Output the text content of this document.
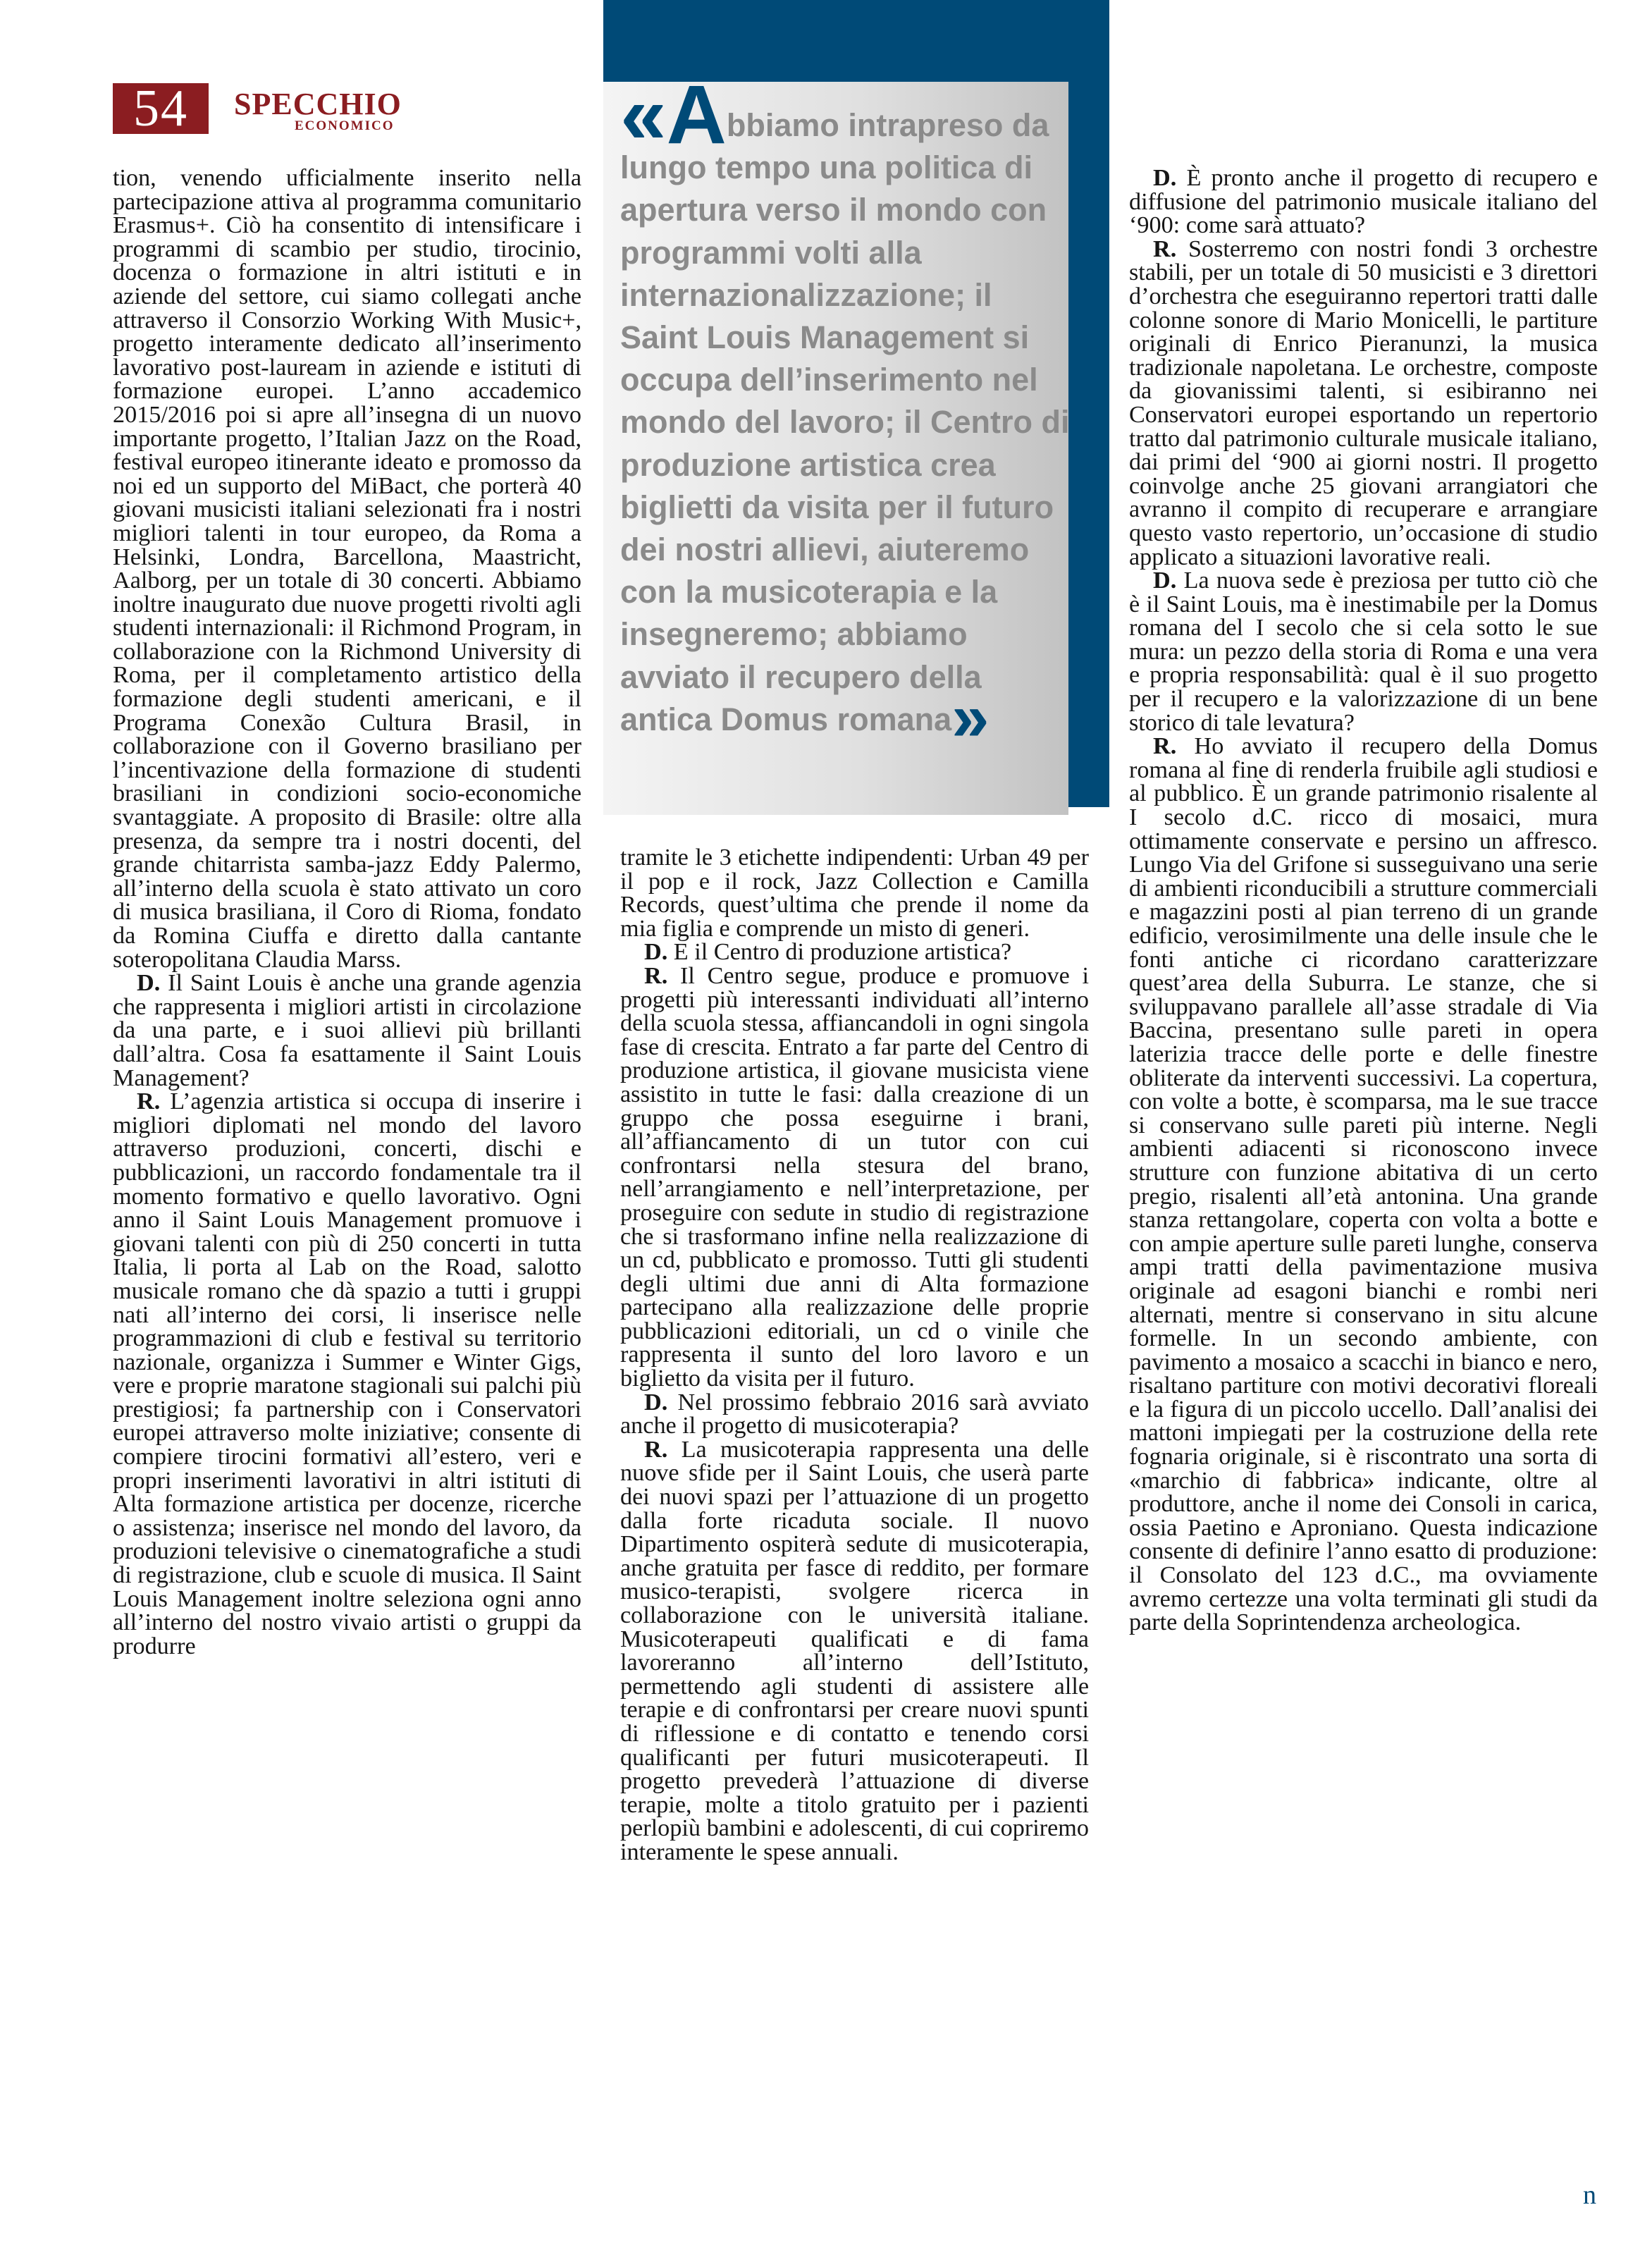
54	SPECCHIO
ECONOMICO	«Abbiamo intrapreso da lungo tempo una politica di apertura verso il mondo con programmi volti alla internazionalizzazione; il Saint Louis Management si occupa dell’inserimento nel mondo del lavoro; il Centro di produzione artistica crea biglietti da visita per il futuro dei nostri allievi, aiuteremo con la musicoterapia e la insegneremo; abbiamo avviato il recupero della antica Domus romana»

tion, venendo ufficialmente inserito nella partecipazione attiva al programma comunitario Erasmus+. Ciò ha consentito di intensificare i programmi di scambio per studio, tirocinio, docenza o formazione in altri istituti e in aziende del settore, cui siamo collegati anche attraverso il Consorzio Working With Music+, progetto interamente dedicato all’inserimento lavorativo post-lauream in aziende e istituti di formazione europei. L’anno accademico 2015/2016 poi si apre all’insegna di un nuovo importante progetto, l’Italian Jazz on the Road, festival europeo itinerante ideato e promosso da noi ed un supporto del MiBact, che porterà 40 giovani musicisti italiani selezionati fra i nostri migliori talenti in tour europeo, da Roma a Helsinki, Londra, Barcellona, Maastricht, Aalborg, per un totale di 30 concerti. Abbiamo inoltre inaugurato due nuove progetti rivolti agli studenti internazionali: il Richmond Program, in collaborazione con la Richmond University di Roma, per il completamento artistico della formazione degli studenti americani, e il Programa Conexão Cultura Brasil, in collaborazione con il Governo brasiliano per l’incentivazione della formazione di studenti brasiliani in condizioni socio-economiche svantaggiate. A proposito di Brasile: oltre alla presenza, da sempre tra i nostri docenti, del grande chitarrista samba-jazz Eddy Palermo, all’interno della scuola è stato attivato un coro di musica brasiliana, il Coro di Rioma, fondato da Romina Ciuffa e diretto dalla cantante soteropolitana Claudia Marss.

D. Il Saint Louis è anche una grande agenzia che rappresenta i migliori artisti in circolazione da una parte, e i suoi allievi più brillanti dall’altra. Cosa fa esattamente il Saint Louis Management?

R. L’agenzia artistica si occupa di inserire i migliori diplomati nel mondo del lavoro attraverso produzioni, concerti, dischi e pubblicazioni, un raccordo fondamentale tra il momento formativo e quello lavorativo. Ogni anno il Saint Louis Management promuove i giovani talenti con più di 250 concerti in tutta Italia, li porta al Lab on the Road, salotto musicale romano che dà spazio a tutti i gruppi nati all’interno dei corsi, li inserisce nelle programmazioni di club e festival su territorio nazionale, organizza i Summer e Winter Gigs, vere e proprie maratone stagionali sui palchi più prestigiosi; fa partnership con i Conservatori europei attraverso molte iniziative; consente di compiere tirocini formativi all’estero, veri e propri inserimenti lavorativi in altri istituti di Alta formazione artistica per docenze, ricerche o assistenza; inserisce nel mondo del lavoro, da produzioni televisive o cinematografiche a studi di registrazione, club e scuole di musica. Il Saint Louis Management inoltre seleziona ogni anno all’interno del nostro vivaio artisti o gruppi da produrre

tramite le 3 etichette indipendenti: Urban 49 per il pop e il rock, Jazz Collection e Camilla Records, quest’ultima che prende il nome da mia figlia e comprende un misto di generi.

D. E il Centro di produzione artistica?

R. Il Centro segue, produce e promuove i progetti più interessanti individuati all’interno della scuola stessa, affiancandoli in ogni singola fase di crescita. Entrato a far parte del Centro di produzione artistica, il giovane musicista viene assistito in tutte le fasi: dalla creazione di un gruppo che possa eseguirne i brani, all’affiancamento di un tutor con cui confrontarsi nella stesura del brano, nell’arrangiamento e nell’interpretazione, per proseguire con sedute in studio di registrazione che si trasformano infine nella realizzazione di un cd, pubblicato e promosso. Tutti gli studenti degli ultimi due anni di Alta formazione partecipano alla realizzazione delle proprie pubblicazioni editoriali, un cd o vinile che rappresenta il sunto del loro lavoro e un biglietto da visita per il futuro.

D. Nel prossimo febbraio 2016 sarà avviato anche il progetto di musicoterapia?

R. La musicoterapia rappresenta una delle nuove sfide per il Saint Louis, che userà parte dei nuovi spazi per l’attuazione di un progetto dalla forte ricaduta sociale. Il nuovo Dipartimento ospiterà sedute di musicoterapia, anche gratuita per fasce di reddito, per formare musico-terapisti, svolgere ricerca in collaborazione con le università italiane. Musicoterapeuti qualificati e di fama lavoreranno all’interno dell’Istituto, permettendo agli studenti di assistere alle terapie e di confrontarsi per creare nuovi spunti di riflessione e di contatto e tenendo corsi qualificanti per futuri musicoterapeuti. Il progetto prevederà l’attuazione di diverse terapie, molte a titolo gratuito per i pazienti perlopiù bambini e adolescenti, di cui copriremo interamente le spese annuali.

D. È pronto anche il progetto di recupero e diffusione del patrimonio musicale italiano del ‘900: come sarà attuato?

R. Sosterremo con nostri fondi 3 orchestre stabili, per un totale di 50 musicisti e 3 direttori d’orchestra che eseguiranno repertori tratti dalle colonne sonore di Mario Monicelli, le partiture originali di Enrico Pieranunzi, la musica tradizionale napoletana. Le orchestre, composte da giovanissimi talenti, si esibiranno nei Conservatori europei esportando un repertorio tratto dal patrimonio culturale musicale italiano, dai primi del ‘900 ai giorni nostri. Il progetto coinvolge anche 25 giovani arrangiatori che avranno il compito di recuperare e arrangiare questo vasto repertorio, un’occasione di studio applicato a situazioni lavorative reali.

D. La nuova sede è preziosa per tutto ciò che è il Saint Louis, ma è inestimabile per la Domus romana del I secolo che si cela sotto le sue mura: un pezzo della storia di Roma e una vera e propria responsabilità: qual è il suo progetto per il recupero e la valorizzazione di un bene storico di tale levatura?

R. Ho avviato il recupero della Domus romana al fine di renderla fruibile agli studiosi e al pubblico. È un grande patrimonio risalente al I secolo d.C. ricco di mosaici, mura ottimamente conservate e persino un affresco. Lungo Via del Grifone si susseguivano una serie di ambienti riconducibili a strutture commerciali e magazzini posti al pian terreno di un grande edificio, verosimilmente una delle insule che le fonti antiche ci ricordano caratterizzare quest’area della Suburra. Le stanze, che si sviluppavano parallele all’asse stradale di Via Baccina, presentano sulle pareti in opera laterizia tracce delle porte e delle finestre obliterate da interventi successivi. La copertura, con volte a botte, è scomparsa, ma le sue tracce si conservano sulle pareti più interne. Negli ambienti adiacenti si riconoscono invece strutture con funzione abitativa di un certo pregio, risalenti all’età antonina. Una grande stanza rettangolare, coperta con volta a botte e con ampie aperture sulle pareti lunghe, conserva ampi tratti della pavimentazione musiva originale ad esagoni bianchi e rombi neri alternati, mentre si conservano in situ alcune formelle. In un secondo ambiente, con pavimento a mosaico a scacchi in bianco e nero, risaltano partiture con motivi decorativi floreali e la figura di un piccolo uccello. Dall’analisi dei mattoni impiegati per la costruzione della rete fognaria originale, si è riscontrato una sorta di «marchio di fabbrica» indicante, oltre al produttore, anche il nome dei Consoli in carica, ossia Paetino e Aproniano. Questa indicazione consente di definire l’anno esatto di produzione: il Consolato del 123 d.C., ma ovviamente avremo certezze una volta terminati gli studi da parte della Soprintendenza archeologica.

n
